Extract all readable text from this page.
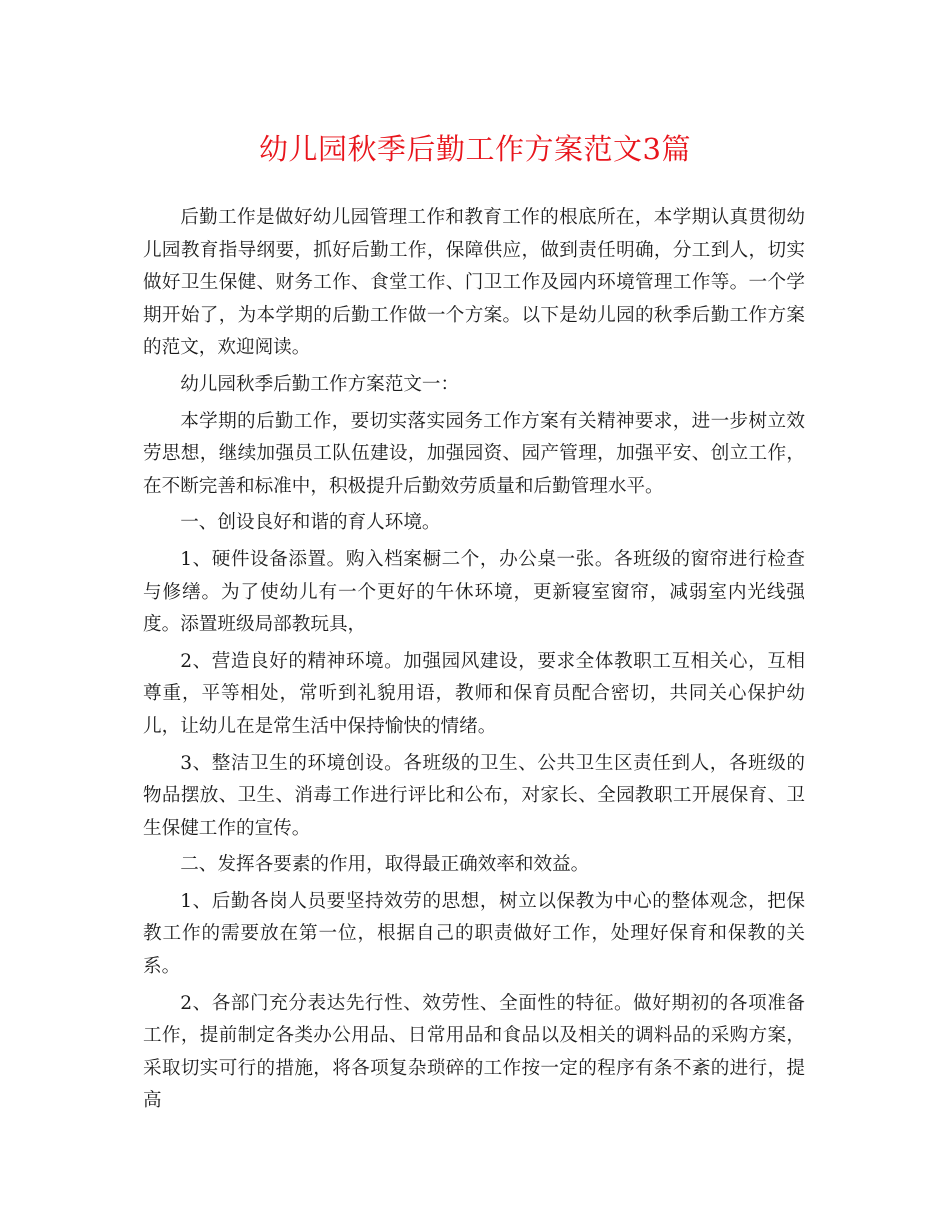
幼儿园秋季后勤工作方案范文3篇

后勤工作是做好幼儿园管理工作和教育工作的根底所在，本学期认真贯彻幼儿园教育指导纲要，抓好后勤工作，保障供应，做到责任明确，分工到人，切实做好卫生保健、财务工作、食堂工作、门卫工作及园内环境管理工作等。一个学期开始了，为本学期的后勤工作做一个方案。以下是幼儿园的秋季后勤工作方案的范文，欢迎阅读。

幼儿园秋季后勤工作方案范文一：

本学期的后勤工作，要切实落实园务工作方案有关精神要求，进一步树立效劳思想，继续加强员工队伍建设，加强园资、园产管理，加强平安、创立工作，在不断完善和标准中，积极提升后勤效劳质量和后勤管理水平。

一、创设良好和谐的育人环境。

1、硬件设备添置。购入档案橱二个，办公桌一张。各班级的窗帘进行检查与修缮。为了使幼儿有一个更好的午休环境，更新寝室窗帘，减弱室内光线强度。添置班级局部教玩具，

2、营造良好的精神环境。加强园风建设，要求全体教职工互相关心，互相尊重，平等相处，常听到礼貌用语，教师和保育员配合密切，共同关心保护幼儿，让幼儿在是常生活中保持愉快的情绪。

3、整洁卫生的环境创设。各班级的卫生、公共卫生区责任到人，各班级的物品摆放、卫生、消毒工作进行评比和公布，对家长、全园教职工开展保育、卫生保健工作的宣传。

二、发挥各要素的作用，取得最正确效率和效益。

1、后勤各岗人员要坚持效劳的思想，树立以保教为中心的整体观念，把保教工作的需要放在第一位，根据自己的职责做好工作，处理好保育和保教的关系。

2、各部门充分表达先行性、效劳性、全面性的特征。做好期初的各项准备工作，提前制定各类办公用品、日常用品和食品以及相关的调料品的采购方案，采取切实可行的措施，将各项复杂琐碎的工作按一定的程序有条不紊的进行，提高
